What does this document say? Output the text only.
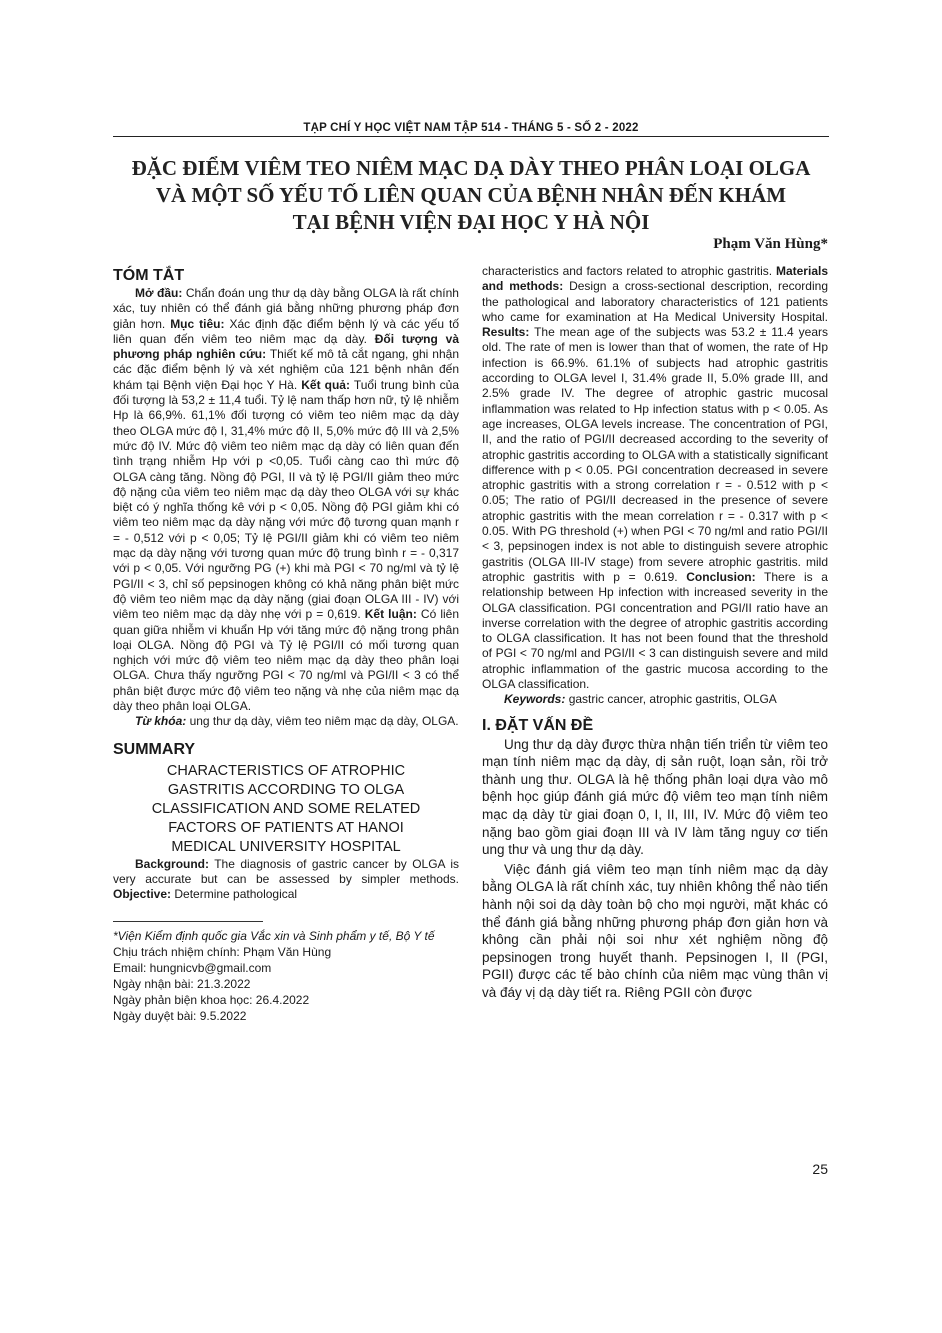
TẠP CHÍ Y HỌC VIỆT NAM TẬP 514 - THÁNG 5 - SỐ 2 - 2022
ĐẶC ĐIỂM VIÊM TEO NIÊM MẠC DẠ DÀY THEO PHÂN LOẠI OLGA
VÀ MỘT SỐ YẾU TỐ LIÊN QUAN CỦA BỆNH NHÂN ĐẾN KHÁM
TẠI BỆNH VIỆN ĐẠI HỌC Y HÀ NỘI
Phạm Văn Hùng*
TÓM TẮT
Mở đầu: Chẩn đoán ung thư dạ dày bằng OLGA là rất chính xác, tuy nhiên có thể đánh giá bằng những phương pháp đơn giản hơn. Mục tiêu: Xác định đặc điểm bệnh lý và các yếu tố liên quan đến viêm teo niêm mạc dạ dày. Đối tượng và phương pháp nghiên cứu: Thiết kế mô tả cắt ngang, ghi nhận các đặc điểm bệnh lý và xét nghiệm của 121 bệnh nhân đến khám tại Bệnh viện Đại học Y Hà. Kết quả: Tuổi trung bình của đối tượng là 53,2 ± 11,4 tuổi. Tỷ lệ nam thấp hơn nữ, tỷ lệ nhiễm Hp là 66,9%. 61,1% đối tượng có viêm teo niêm mạc dạ dày theo OLGA mức độ I, 31,4% mức độ II, 5,0% mức độ III và 2,5% mức độ IV. Mức độ viêm teo niêm mạc dạ dày có liên quan đến tình trạng nhiễm Hp với p <0,05. Tuổi càng cao thì mức độ OLGA càng tăng. Nồng độ PGI, II và tỷ lệ PGI/II giảm theo mức độ nặng của viêm teo niêm mạc dạ dày theo OLGA với sự khác biệt có ý nghĩa thống kê với p < 0,05. Nồng độ PGI giảm khi có viêm teo niêm mạc dạ dày nặng với mức độ tương quan mạnh r = - 0,512 với p < 0,05; Tỷ lệ PGI/II giảm khi có viêm teo niêm mạc dạ dày nặng với tương quan mức độ trung bình r = - 0,317 với p < 0,05. Với ngưỡng PG (+) khi mà PGI < 70 ng/ml và tỷ lệ PGI/II < 3, chỉ số pepsinogen không có khả năng phân biệt mức độ viêm teo niêm mạc dạ dày nặng (giai đoạn OLGA III - IV) với viêm teo niêm mạc dạ dày nhẹ với p = 0,619. Kết luận: Có liên quan giữa nhiễm vi khuẩn Hp với tăng mức độ nặng trong phân loại OLGA. Nồng độ PGI và Tỷ lệ PGI/II có mối tương quan nghịch với mức độ viêm teo niêm mạc dạ dày theo phân loại OLGA. Chưa thấy ngưỡng PGI < 70 ng/ml và PGI/II < 3 có thể phân biệt được mức độ viêm teo nặng và nhẹ của niêm mạc dạ dày theo phân loại OLGA.
Từ khóa: ung thư dạ dày, viêm teo niêm mạc dạ dày, OLGA.
SUMMARY
CHARACTERISTICS OF ATROPHIC
GASTRITIS ACCORDING TO OLGA
CLASSIFICATION AND SOME RELATED
FACTORS OF PATIENTS AT HANOI
MEDICAL UNIVERSITY HOSPITAL
Background: The diagnosis of gastric cancer by OLGA is very accurate but can be assessed by simpler methods. Objective: Determine pathological
*Viện Kiểm định quốc gia Vắc xin và Sinh phẩm y tế, Bộ Y tế
Chịu trách nhiệm chính: Phạm Văn Hùng
Email: hungnicvb@gmail.com
Ngày nhận bài: 21.3.2022
Ngày phản biện khoa học: 26.4.2022
Ngày duyệt bài: 9.5.2022
characteristics and factors related to atrophic gastritis. Materials and methods: Design a cross-sectional description, recording the pathological and laboratory characteristics of 121 patients who came for examination at Ha Medical University Hospital. Results: The mean age of the subjects was 53.2 ± 11.4 years old. The rate of men is lower than that of women, the rate of Hp infection is 66.9%. 61.1% of subjects had atrophic gastritis according to OLGA level I, 31.4% grade II, 5.0% grade III, and 2.5% grade IV. The degree of atrophic gastric mucosal inflammation was related to Hp infection status with p < 0.05. As age increases, OLGA levels increase. The concentration of PGI, II, and the ratio of PGI/II decreased according to the severity of atrophic gastritis according to OLGA with a statistically significant difference with p < 0.05. PGI concentration decreased in severe atrophic gastritis with a strong correlation r = - 0.512 with p < 0.05; The ratio of PGI/II decreased in the presence of severe atrophic gastritis with the mean correlation r = - 0.317 with p < 0.05. With PG threshold (+) when PGI < 70 ng/ml and ratio PGI/II < 3, pepsinogen index is not able to distinguish severe atrophic gastritis (OLGA III-IV stage) from severe atrophic gastritis. mild atrophic gastritis with p = 0.619. Conclusion: There is a relationship between Hp infection with increased severity in the OLGA classification. PGI concentration and PGI/II ratio have an inverse correlation with the degree of atrophic gastritis according to OLGA classification. It has not been found that the threshold of PGI < 70 ng/ml and PGI/II < 3 can distinguish severe and mild atrophic inflammation of the gastric mucosa according to the OLGA classification.
Keywords: gastric cancer, atrophic gastritis, OLGA
I. ĐẶT VẤN ĐỀ
Ung thư dạ dày được thừa nhận tiến triển từ viêm teo mạn tính niêm mạc dạ dày, dị sản ruột, loạn sản, rồi trở thành ung thư. OLGA là hệ thống phân loại dựa vào mô bệnh học giúp đánh giá mức độ viêm teo mạn tính niêm mạc dạ dày từ giai đoạn 0, I, II, III, IV. Mức độ viêm teo nặng bao gồm giai đoạn III và IV làm tăng nguy cơ tiến ung thư và ung thư dạ dày.
Việc đánh giá viêm teo mạn tính niêm mạc dạ dày bằng OLGA là rất chính xác, tuy nhiên không thể nào tiến hành nội soi dạ dày toàn bộ cho mọi người, mặt khác có thể đánh giá bằng những phương pháp đơn giản hơn và không cần phải nội soi như xét nghiệm nồng độ pepsinogen trong huyết thanh. Pepsinogen I, II (PGI, PGII) được các tế bào chính của niêm mạc vùng thân vị và đáy vị dạ dày tiết ra. Riêng PGII còn được
25
